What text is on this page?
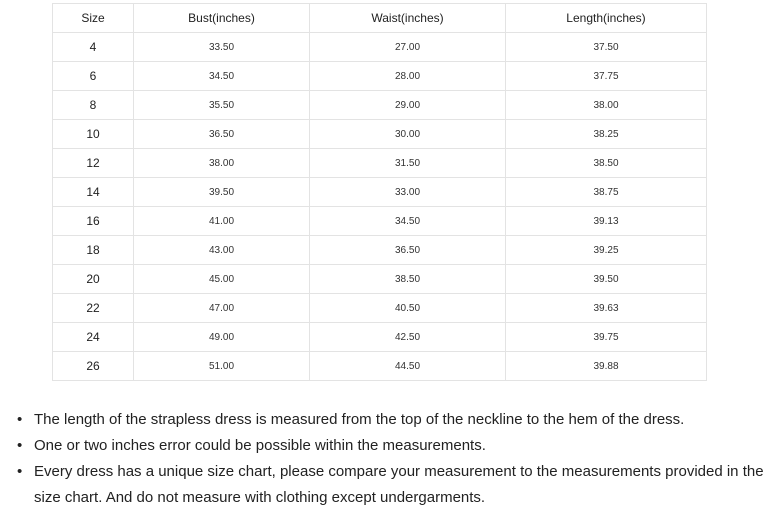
Size	Bust(inches)	Waist(inches)	Length(inches)
4	33.50	27.00	37.50
6	34.50	28.00	37.75
8	35.50	29.00	38.00
10	36.50	30.00	38.25
12	38.00	31.50	38.50
14	39.50	33.00	38.75
16	41.00	34.50	39.13
18	43.00	36.50	39.25
20	45.00	38.50	39.50
22	47.00	40.50	39.63
24	49.00	42.50	39.75
26	51.00	44.50	39.88
• The length of the strapless dress is measured from the top of the neckline to the hem of the dress.
• One or two inches error could be possible within the measurements.
• Every dress has a unique size chart, please compare your measurement to the measurements provided in the size chart. And do not measure with clothing except undergarments.
